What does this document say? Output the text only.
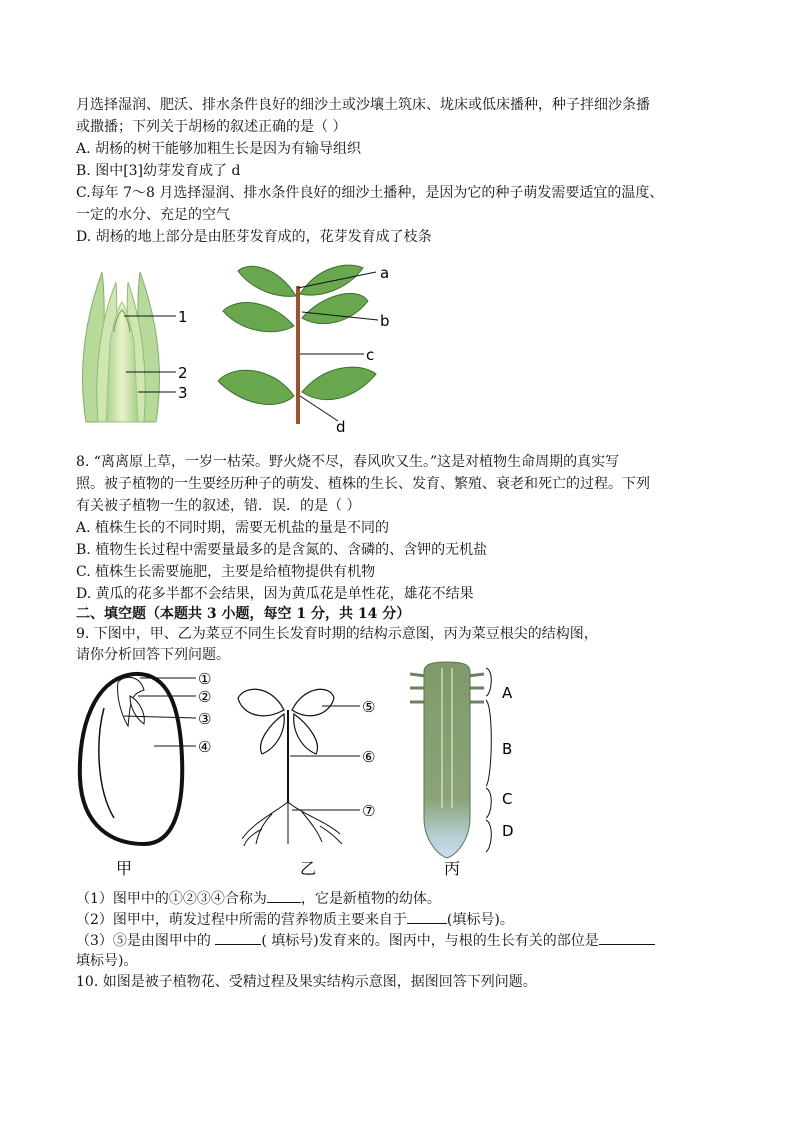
月选择湿润、肥沃、排水条件良好的细沙土或沙壤土筑床、垅床或低床播种，种子拌细沙条播
或撒播；下列关于胡杨的叙述正确的是（ ）
A. 胡杨的树干能够加粗生长是因为有输导组织
B. 图中[3]幼芽发育成了 d
C.每年 7～8 月选择湿润、排水条件良好的细沙土播种，是因为它的种子萌发需要适宜的温度、
一定的水分、充足的空气
D. 胡杨的地上部分是由胚芽发育成的，花芽发育成了枝条
1
2
3
a
b
c
d
8. “离离原上草，一岁一枯荣。野火烧不尽，春风吹又生。”这是对植物生命周期的真实写
照。被子植物的一生要经历种子的萌发、植株的生长、发育、繁殖、衰老和死亡的过程。下列
有关被子植物一生的叙述，错．误．的是（ ）
A. 植株生长的不同时期，需要无机盐的量是不同的
B. 植物生长过程中需要量最多的是含氮的、含磷的、含钾的无机盐
C. 植株生长需要施肥，主要是给植物提供有机物
D. 黄瓜的花多半都不会结果，因为黄瓜花是单性花，雄花不结果
二、填空题（本题共 3 小题，每空 1 分，共 14 分）
9. 下图中，甲、乙为菜豆不同生长发育时期的结构示意图，丙为菜豆根尖的结构图，
请你分析回答下列问题。
①
②
③
④
甲
⑤
⑥
⑦
乙
A
B
C
D
丙
（1）图甲中的①②③④合称为 ，它是新植物的幼体。
（2）图甲中，萌发过程中所需的营养物质主要来自于	(填标号)。
（3）⑤是由图甲中的	( 填标号)发育来的。图丙中，与根的生长有关的部位是
填标号)。
10. 如图是被子植物花、受精过程及果实结构示意图，据图回答下列问题。
